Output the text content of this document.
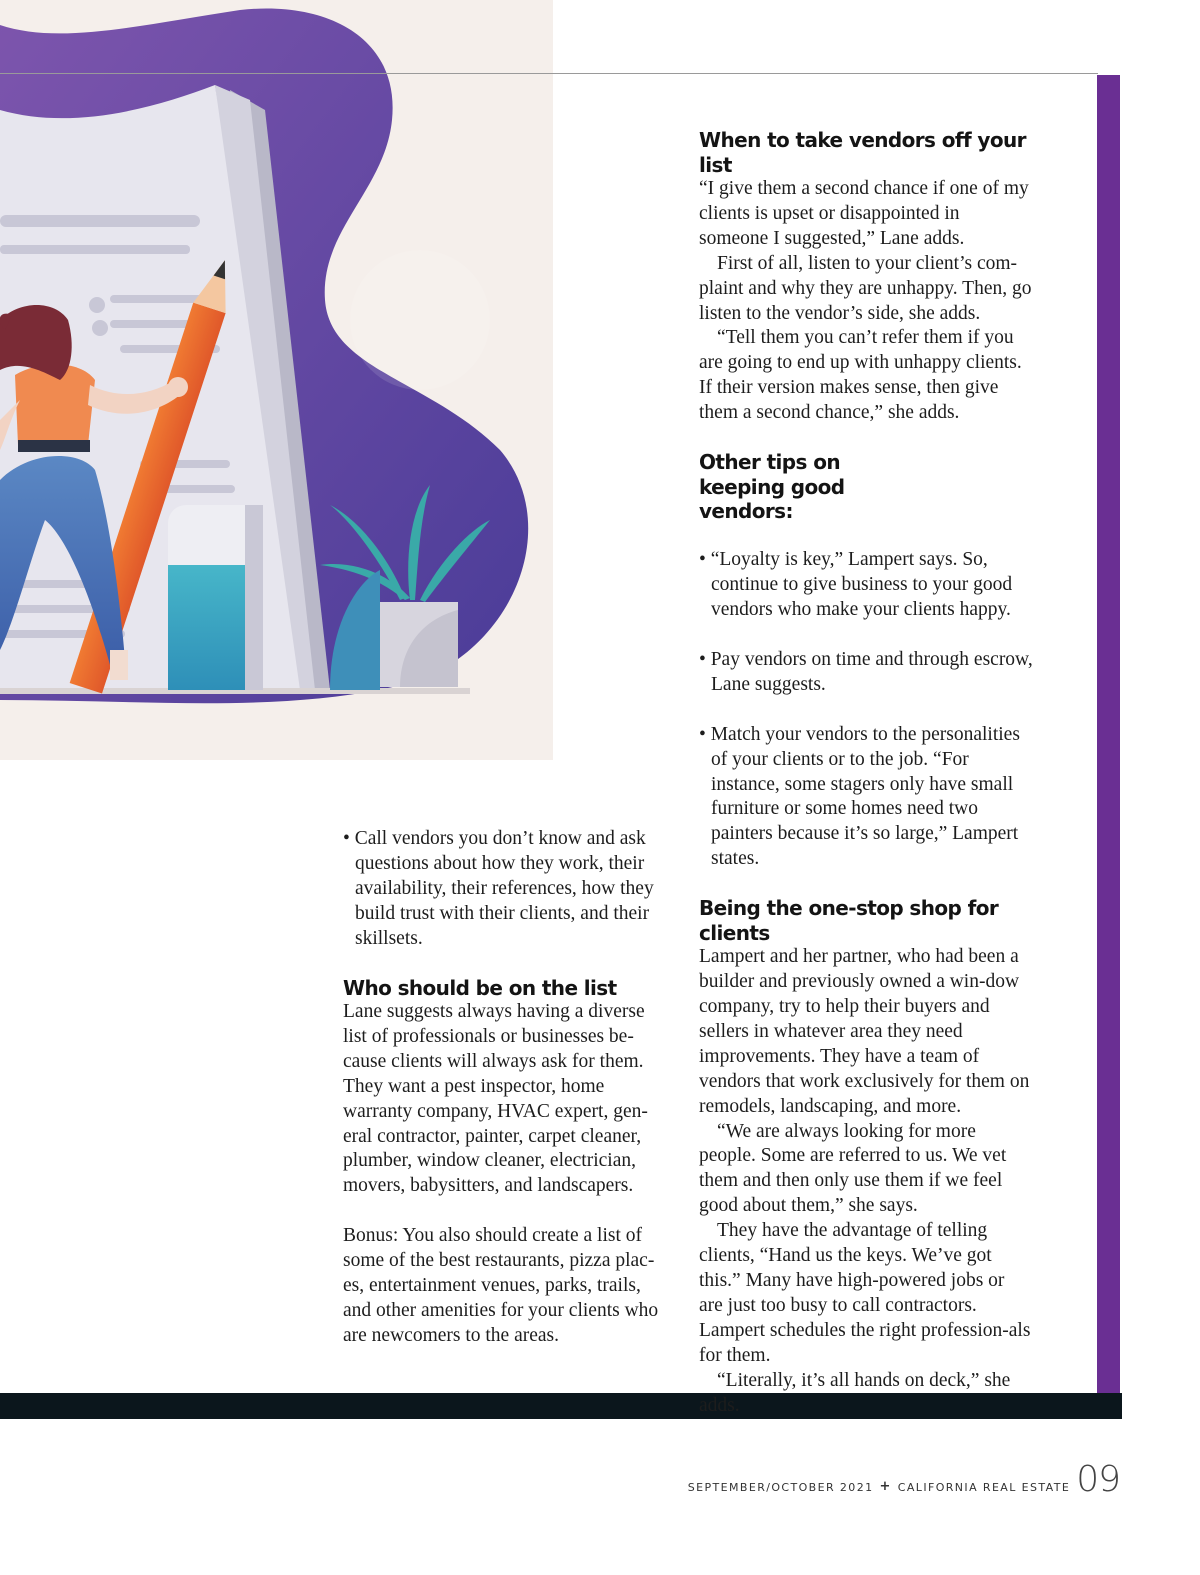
• Call vendors you don’t know and ask questions about how they work, their availability, their references, how they build trust with their clients, and their skillsets.

Who should be on the list

Lane suggests always having a diverse list of professionals or businesses be-cause clients will always ask for them. They want a pest inspector, home warranty company, HVAC expert, gen-eral contractor, painter, carpet cleaner, plumber, window cleaner, electrician, movers, babysitters, and landscapers.

Bonus: You also should create a list of some of the best restaurants, pizza plac-es, entertainment venues, parks, trails, and other amenities for your clients who are newcomers to the areas.

When to take vendors off your list

“I give them a second chance if one of my clients is upset or disappointed in someone I suggested,” Lane adds.

First of all, listen to your client’s com-plaint and why they are unhappy. Then, go listen to the vendor’s side, she adds.

“Tell them you can’t refer them if you are going to end up with unhappy clients. If their version makes sense, then give them a second chance,” she adds.

Other tips on keeping good vendors:

• “Loyalty is key,” Lampert says. So, continue to give business to your good vendors who make your clients happy.

• Pay vendors on time and through escrow, Lane suggests.

• Match your vendors to the personalities of your clients or to the job. “For instance, some stagers only have small furniture or some homes need two painters because it’s so large,” Lampert states.

Being the one-stop shop for clients

Lampert and her partner, who had been a builder and previously owned a win-dow company, try to help their buyers and sellers in whatever area they need improvements. They have a team of vendors that work exclusively for them on remodels, landscaping, and more.

“We are always looking for more people. Some are referred to us. We vet them and then only use them if we feel good about them,” she says.

They have the advantage of telling clients, “Hand us the keys. We’ve got this.” Many have high-powered jobs or are just too busy to call contractors. Lampert schedules the right profession-als for them.

“Literally, it’s all hands on deck,” she adds.

SEPTEMBER/OCTOBER 2021 + CALIFORNIA REAL ESTATE 09
